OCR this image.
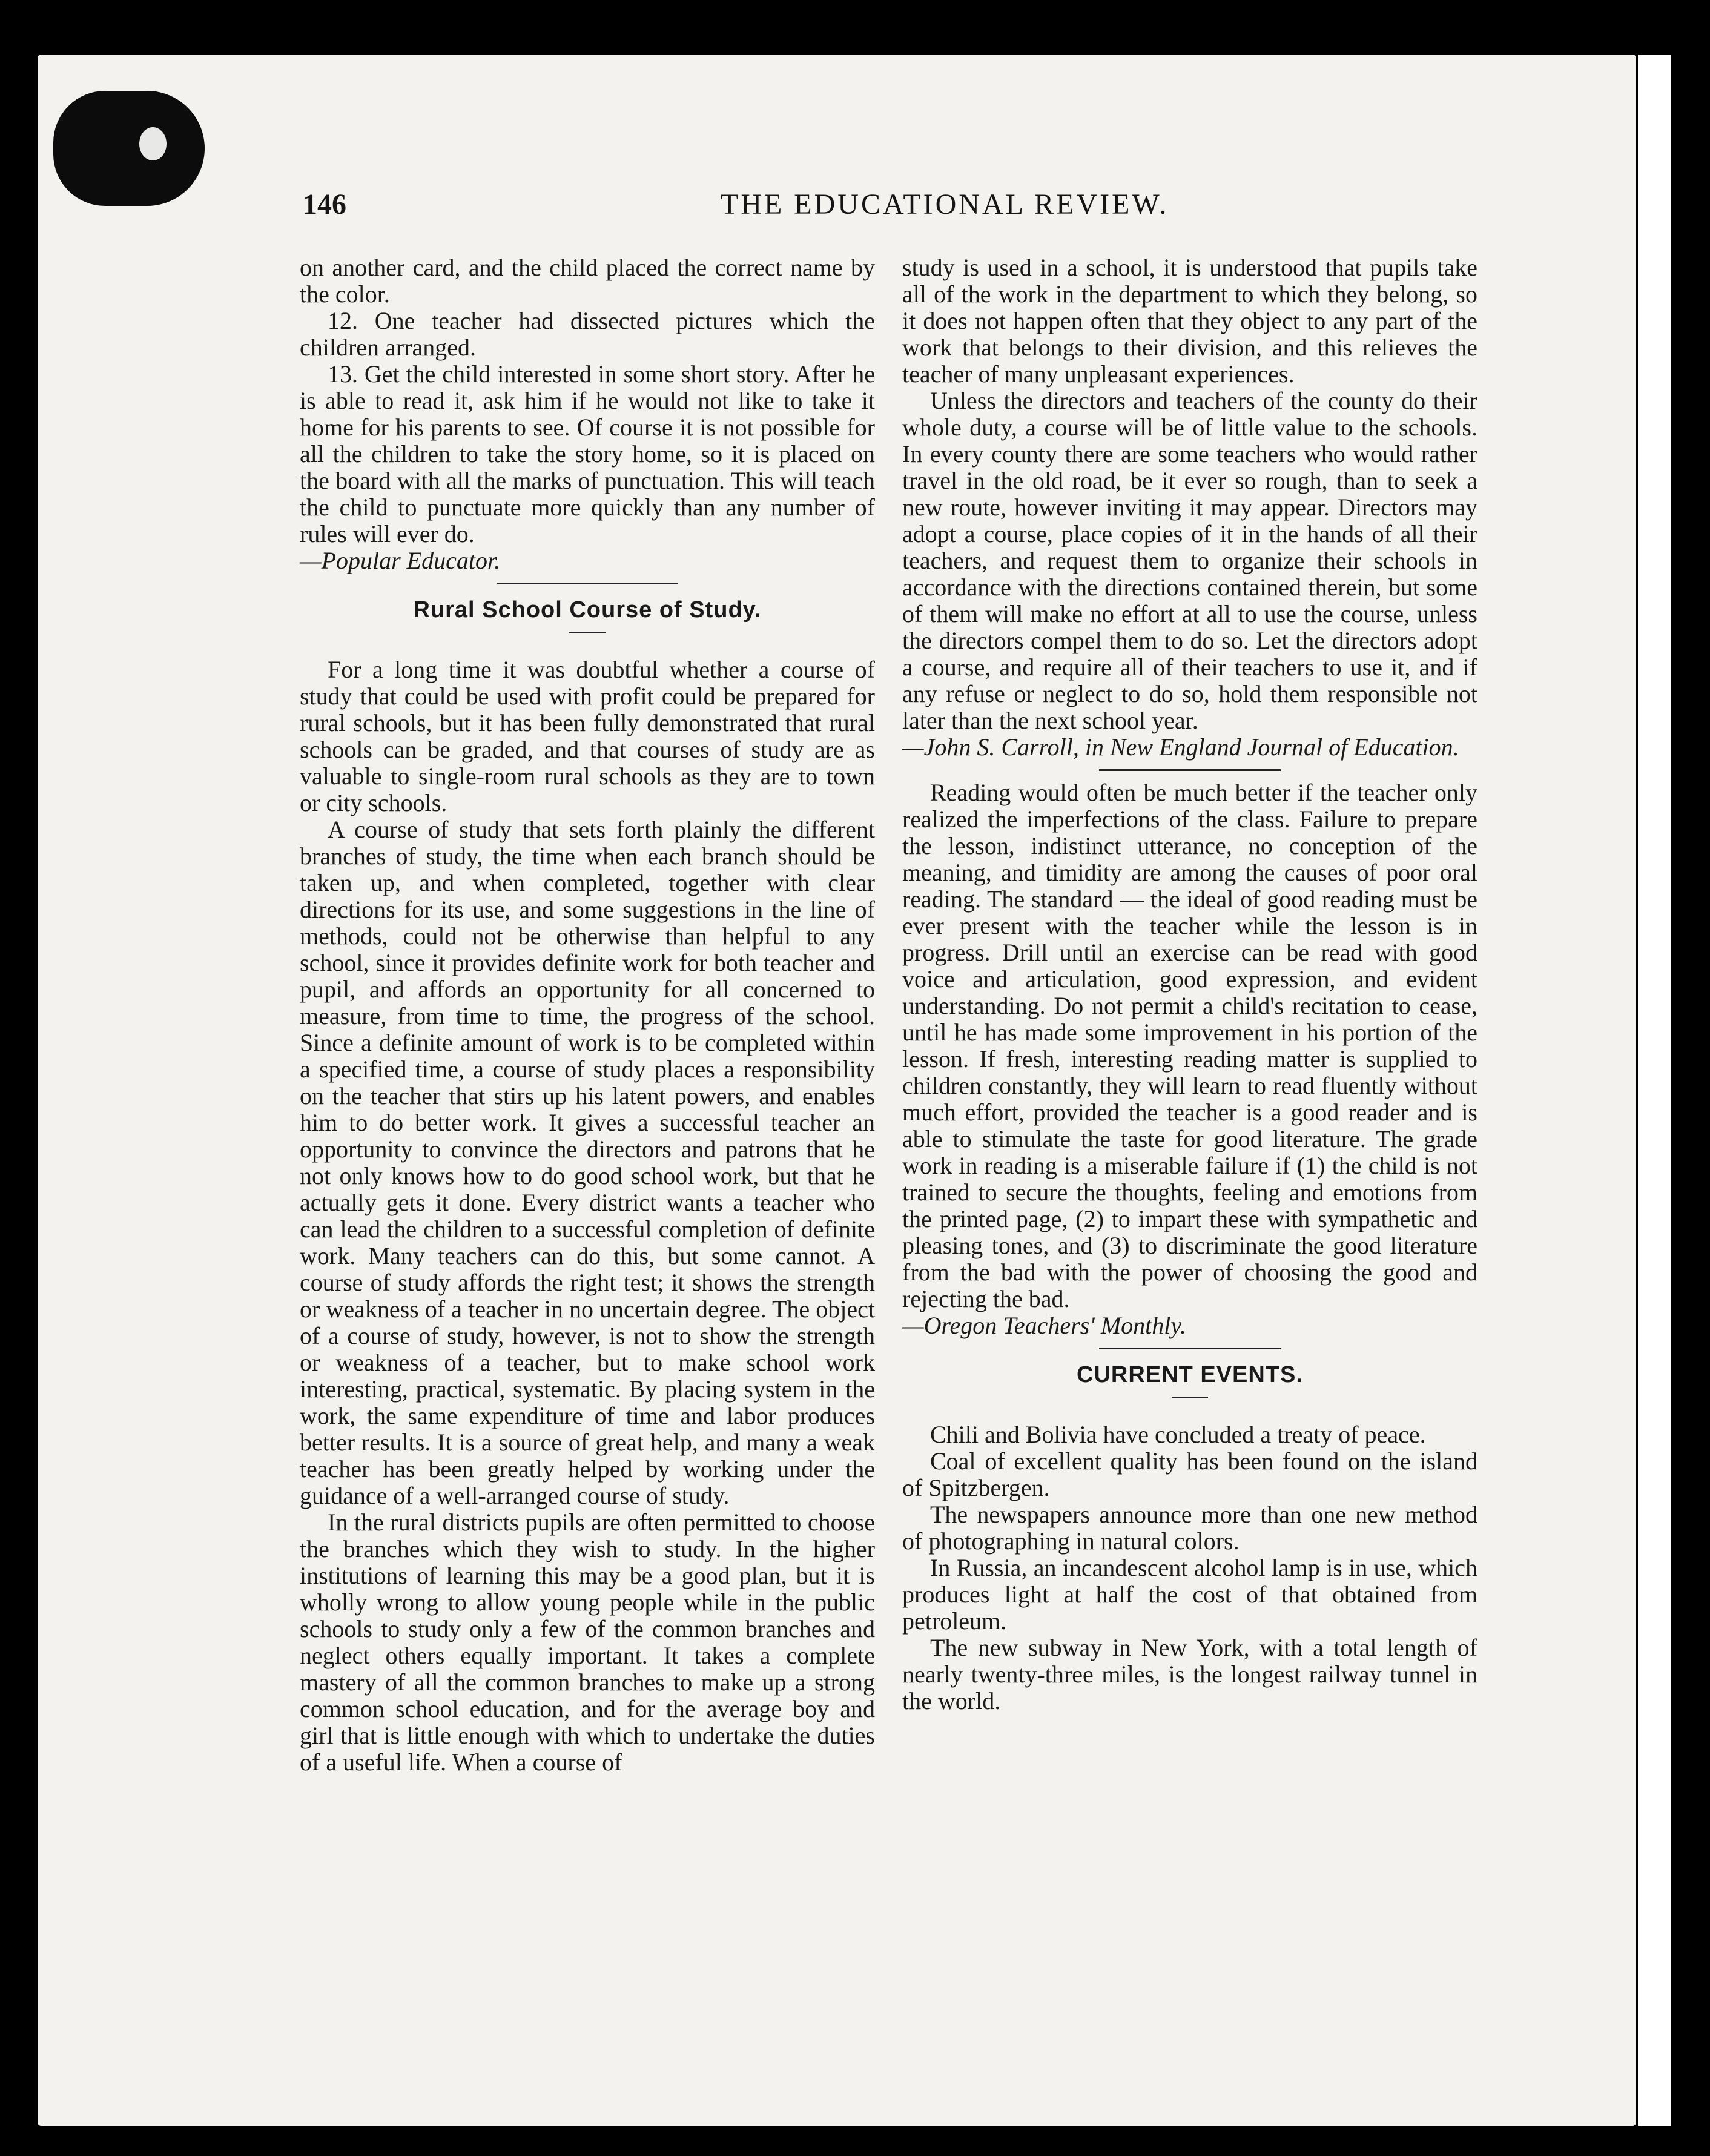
146	THE EDUCATIONAL REVIEW.

on another card, and the child placed the correct name by the color.

12. One teacher had dissected pictures which the children arranged.

13. Get the child interested in some short story. After he is able to read it, ask him if he would not like to take it home for his parents to see. Of course it is not possible for all the children to take the story home, so it is placed on the board with all the marks of punctuation. This will teach the child to punctuate more quickly than any number of rules will ever do.

—Popular Educator.

Rural School Course of Study.

For a long time it was doubtful whether a course of study that could be used with profit could be prepared for rural schools, but it has been fully demonstrated that rural schools can be graded, and that courses of study are as valuable to single-room rural schools as they are to town or city schools.

A course of study that sets forth plainly the different branches of study, the time when each branch should be taken up, and when completed, together with clear directions for its use, and some suggestions in the line of methods, could not be otherwise than helpful to any school, since it provides definite work for both teacher and pupil, and affords an opportunity for all concerned to measure, from time to time, the progress of the school. Since a definite amount of work is to be completed within a specified time, a course of study places a responsibility on the teacher that stirs up his latent powers, and enables him to do better work. It gives a successful teacher an opportunity to convince the directors and patrons that he not only knows how to do good school work, but that he actually gets it done. Every district wants a teacher who can lead the children to a successful completion of definite work. Many teachers can do this, but some cannot. A course of study affords the right test; it shows the strength or weakness of a teacher in no uncertain degree. The object of a course of study, however, is not to show the strength or weakness of a teacher, but to make school work interesting, practical, systematic. By placing system in the work, the same expenditure of time and labor produces better results. It is a source of great help, and many a weak teacher has been greatly helped by working under the guidance of a well-arranged course of study.

In the rural districts pupils are often permitted to choose the branches which they wish to study. In the higher institutions of learning this may be a good plan, but it is wholly wrong to allow young people while in the public schools to study only a few of the common branches and neglect others equally important. It takes a complete mastery of all the common branches to make up a strong common school education, and for the average boy and girl that is little enough with which to undertake the duties of a useful life. When a course of

study is used in a school, it is understood that pupils take all of the work in the department to which they belong, so it does not happen often that they object to any part of the work that belongs to their division, and this relieves the teacher of many unpleasant experiences.

Unless the directors and teachers of the county do their whole duty, a course will be of little value to the schools. In every county there are some teachers who would rather travel in the old road, be it ever so rough, than to seek a new route, however inviting it may appear. Directors may adopt a course, place copies of it in the hands of all their teachers, and request them to organize their schools in accordance with the directions contained therein, but some of them will make no effort at all to use the course, unless the directors compel them to do so. Let the directors adopt a course, and require all of their teachers to use it, and if any refuse or neglect to do so, hold them responsible not later than the next school year.

—John S. Carroll, in New England Journal of Education.

Reading would often be much better if the teacher only realized the imperfections of the class. Failure to prepare the lesson, indistinct utterance, no conception of the meaning, and timidity are among the causes of poor oral reading. The standard — the ideal of good reading must be ever present with the teacher while the lesson is in progress. Drill until an exercise can be read with good voice and articulation, good expression, and evident understanding. Do not permit a child's recitation to cease, until he has made some improvement in his portion of the lesson. If fresh, interesting reading matter is supplied to children constantly, they will learn to read fluently without much effort, provided the teacher is a good reader and is able to stimulate the taste for good literature. The grade work in reading is a miserable failure if (1) the child is not trained to secure the thoughts, feeling and emotions from the printed page, (2) to impart these with sympathetic and pleasing tones, and (3) to discriminate the good literature from the bad with the power of choosing the good and rejecting the bad.

—Oregon Teachers' Monthly.

CURRENT EVENTS.

Chili and Bolivia have concluded a treaty of peace.

Coal of excellent quality has been found on the island of Spitzbergen.

The newspapers announce more than one new method of photographing in natural colors.

In Russia, an incandescent alcohol lamp is in use, which produces light at half the cost of that obtained from petroleum.

The new subway in New York, with a total length of nearly twenty-three miles, is the longest railway tunnel in the world.
